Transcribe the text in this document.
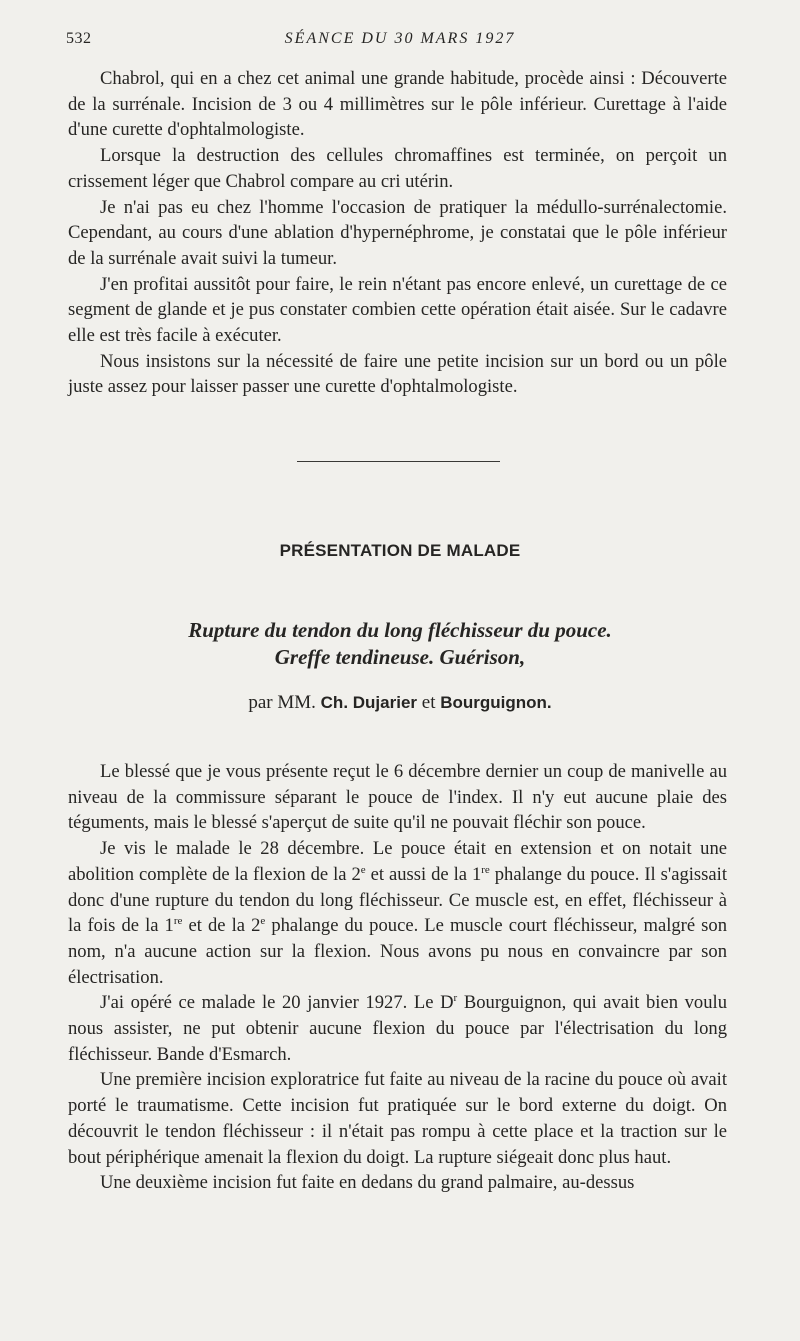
532	SÉANCE DU 30 MARS 1927

Chabrol, qui en a chez cet animal une grande habitude, procède ainsi : Découverte de la surrénale. Incision de 3 ou 4 millimètres sur le pôle inférieur. Curettage à l'aide d'une curette d'ophtalmologiste.

Lorsque la destruction des cellules chromaffines est terminée, on perçoit un crissement léger que Chabrol compare au cri utérin.

Je n'ai pas eu chez l'homme l'occasion de pratiquer la médullo-surrénalectomie. Cependant, au cours d'une ablation d'hypernéphrome, je constatai que le pôle inférieur de la surrénale avait suivi la tumeur.

J'en profitai aussitôt pour faire, le rein n'étant pas encore enlevé, un curettage de ce segment de glande et je pus constater combien cette opération était aisée. Sur le cadavre elle est très facile à exécuter.

Nous insistons sur la nécessité de faire une petite incision sur un bord ou un pôle juste assez pour laisser passer une curette d'ophtalmologiste.

PRÉSENTATION DE MALADE
Rupture du tendon du long fléchisseur du pouce.
Greffe tendineuse. Guérison,
par MM. Ch. Dujarier et Bourguignon.

Le blessé que je vous présente reçut le 6 décembre dernier un coup de manivelle au niveau de la commissure séparant le pouce de l'index. Il n'y eut aucune plaie des téguments, mais le blessé s'aperçut de suite qu'il ne pouvait fléchir son pouce.

Je vis le malade le 28 décembre. Le pouce était en extension et on notait une abolition complète de la flexion de la 2e et aussi de la 1re phalange du pouce. Il s'agissait donc d'une rupture du tendon du long fléchisseur. Ce muscle est, en effet, fléchisseur à la fois de la 1re et de la 2e phalange du pouce. Le muscle court fléchisseur, malgré son nom, n'a aucune action sur la flexion. Nous avons pu nous en convaincre par son électrisation.

J'ai opéré ce malade le 20 janvier 1927. Le $D^r$ Bourguignon, qui avait bien voulu nous assister, ne put obtenir aucune flexion du pouce par l'électrisation du long fléchisseur. Bande d'Esmarch.

Une première incision exploratrice fut faite au niveau de la racine du pouce où avait porté le traumatisme. Cette incision fut pratiquée sur le bord externe du doigt. On découvrit le tendon fléchisseur : il n'était pas rompu à cette place et la traction sur le bout périphérique amenait la flexion du doigt. La rupture siégeait donc plus haut.

Une deuxième incision fut faite en dedans du grand palmaire, au-dessus
